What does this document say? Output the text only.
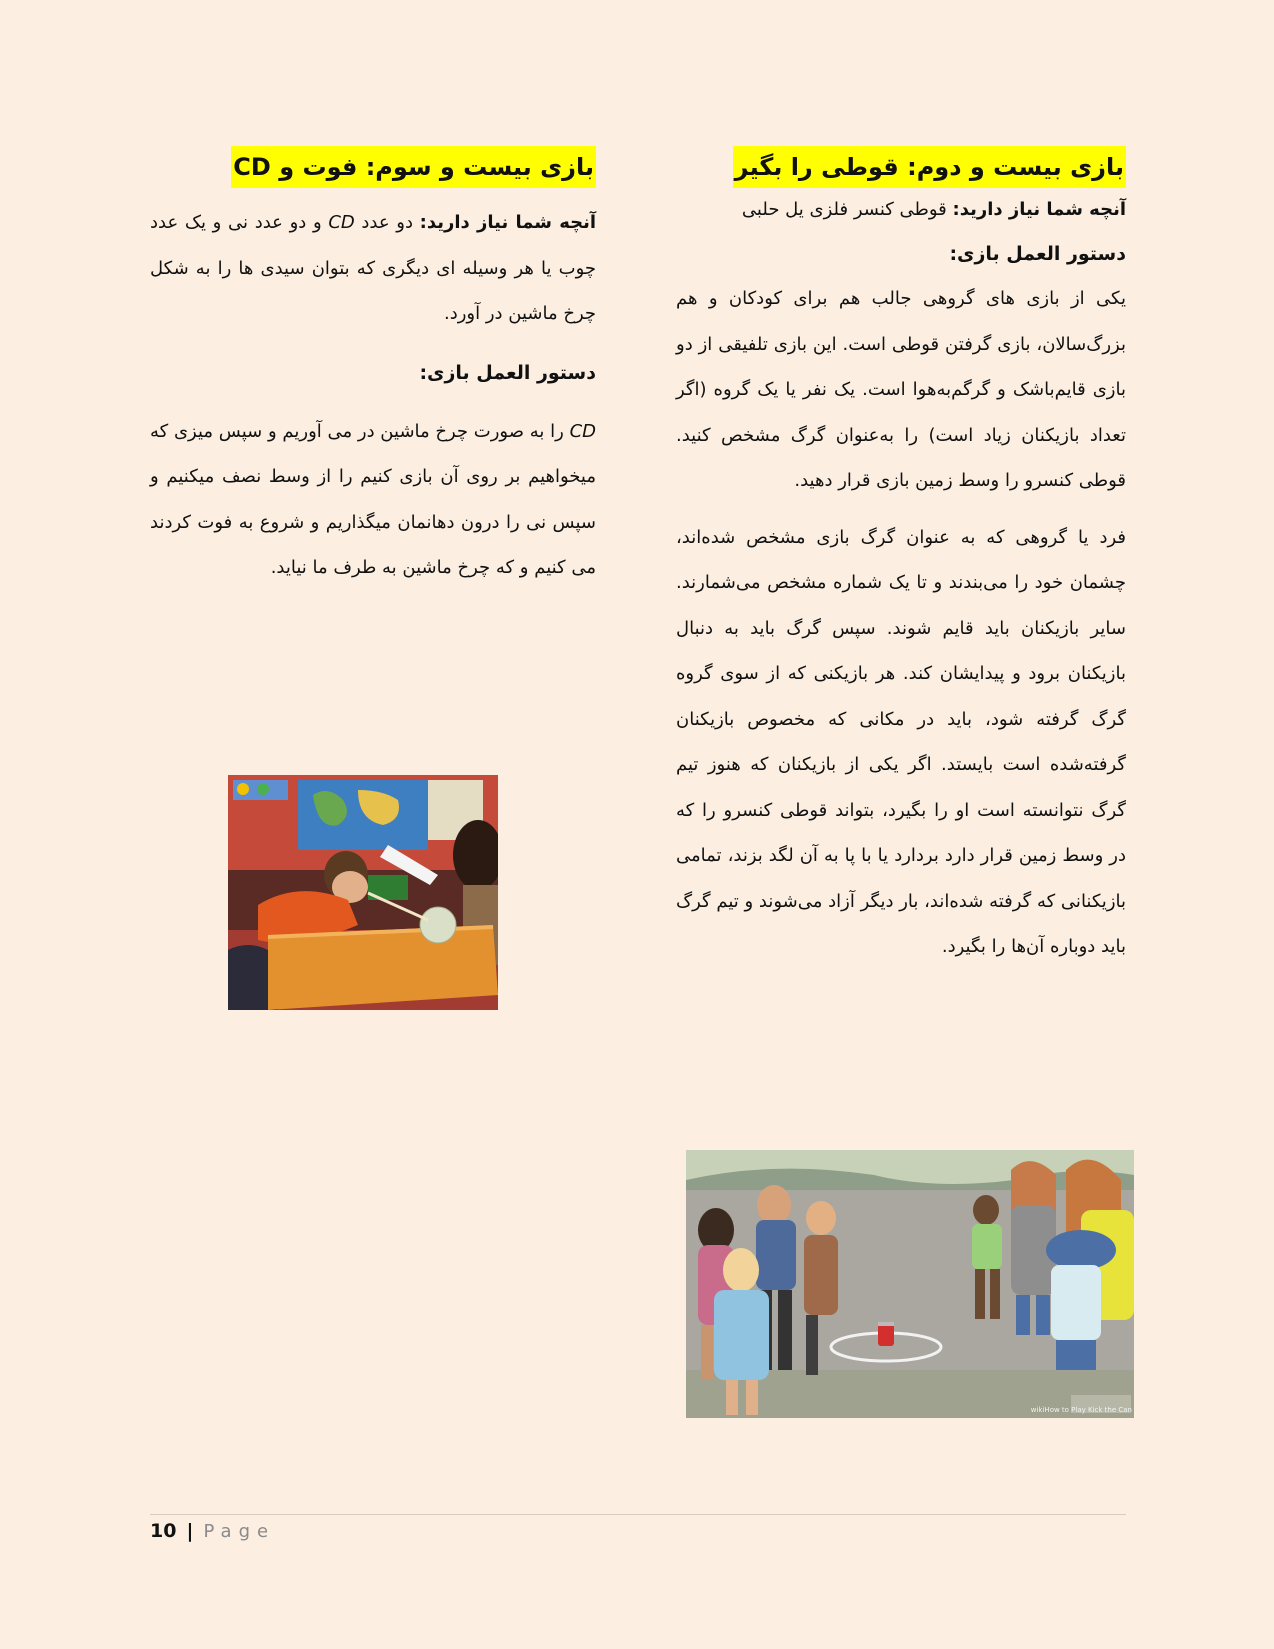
بازی بیست و دوم: قوطی را بگیر

آنچه شما نیاز دارید: قوطی کنسر فلزی یل حلبی

دستور العمل بازی:

یکی از بازی های گروهی جالب هم برای کودکان و هم بزرگ‌سالان، بازی گرفتن قوطی است. این بازی تلفیقی از دو بازی قایم‌باشک و گرگم‌به‌هوا است. یک نفر یا یک گروه (اگر تعداد بازیکنان زیاد است) را به‌عنوان گرگ مشخص کنید. قوطی کنسرو را وسط زمین بازی قرار دهید.

فرد یا گروهی که به عنوان گرگ بازی مشخص شده‌اند، چشمان خود را می‌بندند و تا یک شماره مشخص می‌شمارند. سایر بازیکنان باید قایم شوند. سپس گرگ باید به دنبال بازیکنان برود و پیدایشان کند. هر بازیکنی که از سوی گروه گرگ گرفته شود، باید در مکانی که مخصوص بازیکنان گرفته‌شده است بایستد. اگر یکی از بازیکنان که هنوز تیم گرگ نتوانسته است او را بگیرد، بتواند قوطی کنسرو را که در وسط زمین قرار دارد بردارد یا با پا به آن لگد بزند، تمامی بازیکنانی که گرفته شده‌اند، بار دیگر آزاد می‌شوند و تیم گرگ باید دوباره آن‌ها را بگیرد.

بازی بیست و سوم: فوت و CD

آنچه شما نیاز دارید: دو عدد CD و دو عدد نی و یک عدد چوب یا هر وسیله ای دیگری که بتوان سیدی ها را به شکل چرخ ماشین در آورد.

دستور العمل بازی:

CD را به صورت چرخ ماشین در می آوریم و سپس میزی که میخواهیم بر روی آن بازی کنیم را از وسط نصف میکنیم و سپس نی را درون دهانمان میگذاریم و شروع به فوت کردند می کنیم و که چرخ ماشین به طرف ما نیاید.

wikiHow to Play Kick the Can
10 | Page
